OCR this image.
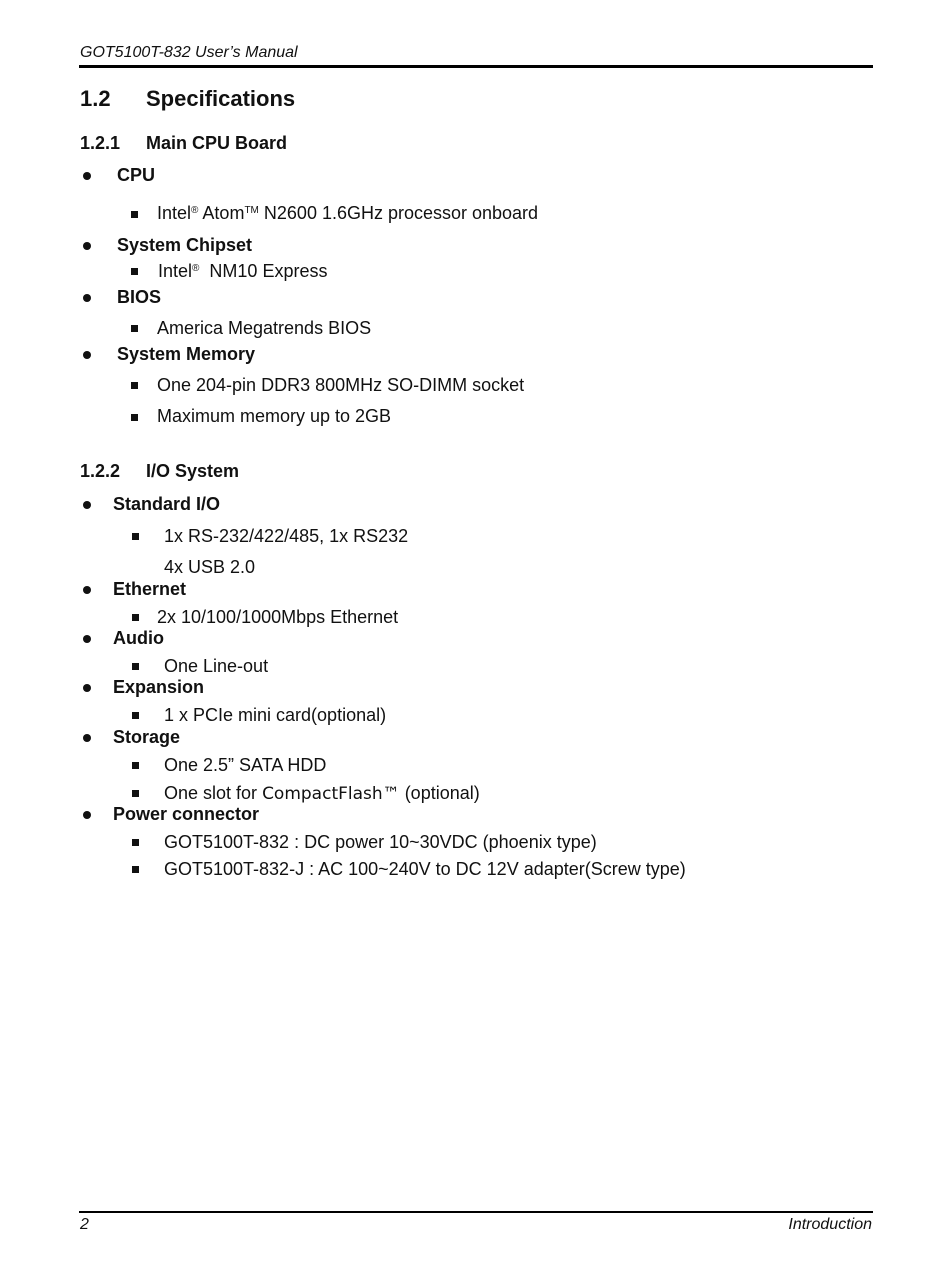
GOT5100T-832 User’s Manual

1.2 Specifications

1.2.1 Main CPU Board

CPU

Intel® Atom™ N2600 1.6GHz processor onboard

System Chipset

Intel® NM10 Express

BIOS

America Megatrends BIOS

System Memory

One 204-pin DDR3 800MHz SO-DIMM socket

Maximum memory up to 2GB

1.2.2 I/O System

Standard I/O

1x RS-232/422/485, 1x RS232

4x USB 2.0

Ethernet

2x 10/100/1000Mbps Ethernet

Audio

One Line-out

Expansion

1 x PCIe mini card(optional)

Storage

One 2.5” SATA HDD

One slot for CompactFlash™ (optional)

Power connector

GOT5100T-832 : DC power 10~30VDC (phoenix type)

GOT5100T-832-J : AC 100~240V to DC 12V adapter(Screw type)

2	Introduction
